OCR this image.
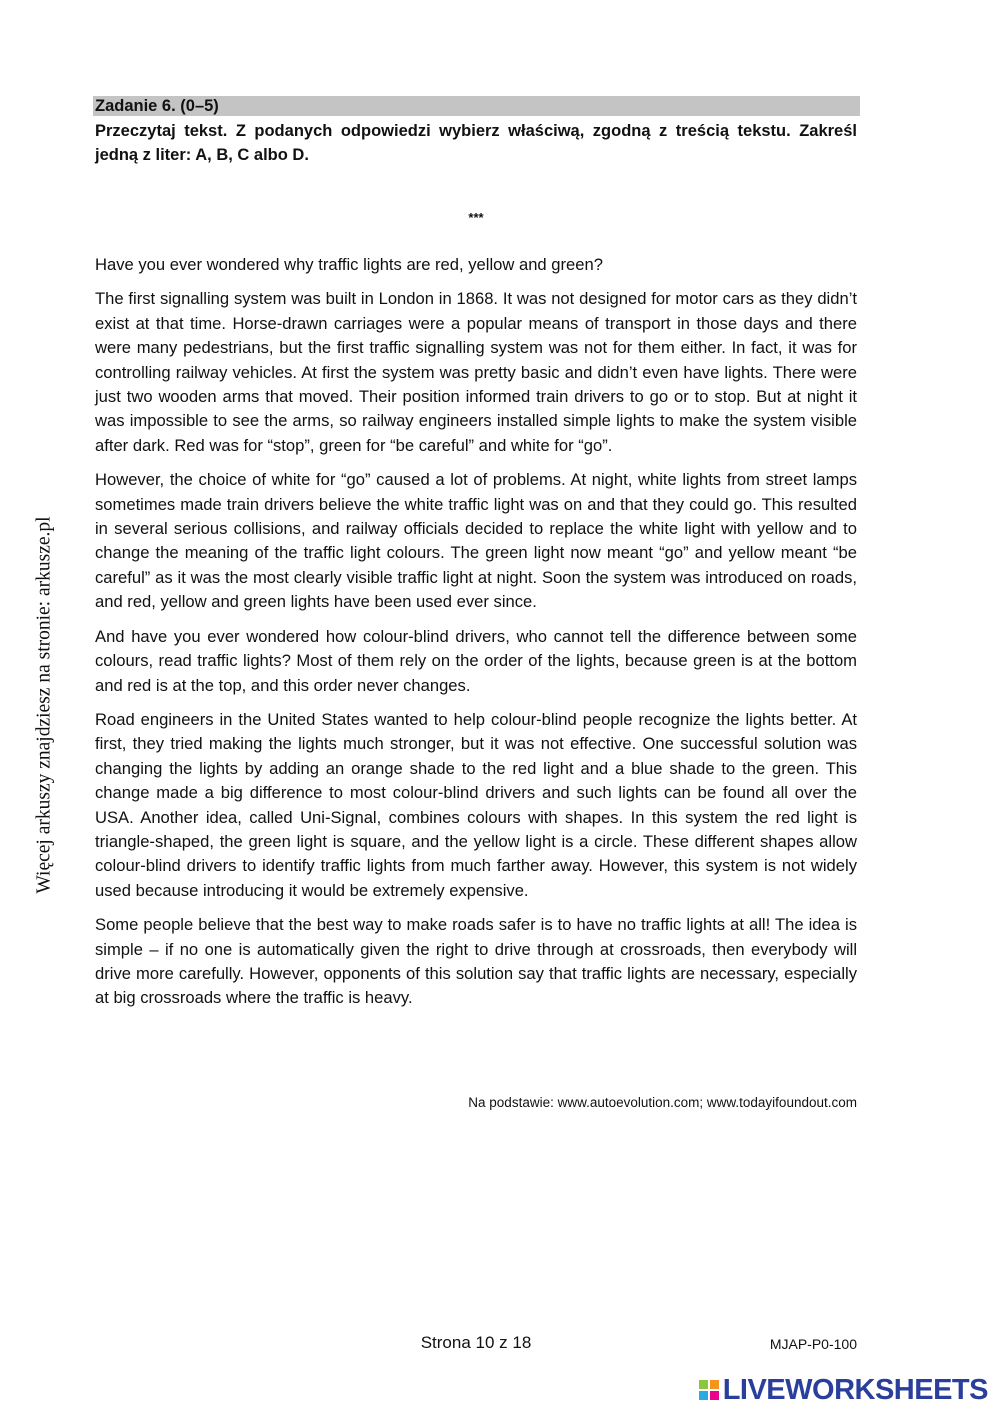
Więcej arkuszy znajdziesz na stronie: arkusze.pl
Zadanie 6. (0–5)

Przeczytaj tekst. Z podanych odpowiedzi wybierz właściwą, zgodną z treścią tekstu. Zakreśl jedną z liter: A, B, C albo D.

***

Have you ever wondered why traffic lights are red, yellow and green?

The first signalling system was built in London in 1868. It was not designed for motor cars as they didn’t exist at that time. Horse-drawn carriages were a popular means of transport in those days and there were many pedestrians, but the first traffic signalling system was not for them either. In fact, it was for controlling railway vehicles. At first the system was pretty basic and didn’t even have lights. There were just two wooden arms that moved. Their position informed train drivers to go or to stop. But at night it was impossible to see the arms, so railway engineers installed simple lights to make the system visible after dark. Red was for “stop”, green for “be careful” and white for “go”.

However, the choice of white for “go” caused a lot of problems. At night, white lights from street lamps sometimes made train drivers believe the white traffic light was on and that they could go. This resulted in several serious collisions, and railway officials decided to replace the white light with yellow and to change the meaning of the traffic light colours. The green light now meant “go” and yellow meant “be careful” as it was the most clearly visible traffic light at night. Soon the system was introduced on roads, and red, yellow and green lights have been used ever since.

And have you ever wondered how colour-blind drivers, who cannot tell the difference between some colours, read traffic lights? Most of them rely on the order of the lights, because green is at the bottom and red is at the top, and this order never changes.

Road engineers in the United States wanted to help colour-blind people recognize the lights better. At first, they tried making the lights much stronger, but it was not effective. One successful solution was changing the lights by adding an orange shade to the red light and a blue shade to the green. This change made a big difference to most colour-blind drivers and such lights can be found all over the USA. Another idea, called Uni-Signal, combines colours with shapes. In this system the red light is triangle-shaped, the green light is square, and the yellow light is a circle. These different shapes allow colour-blind drivers to identify traffic lights from much farther away. However, this system is not widely used because introducing it would be extremely expensive.

Some people believe that the best way to make roads safer is to have no traffic lights at all! The idea is simple – if no one is automatically given the right to drive through at crossroads, then everybody will drive more carefully. However, opponents of this solution say that traffic lights are necessary, especially at big crossroads where the traffic is heavy.

Na podstawie: www.autoevolution.com; www.todayifoundout.com
Strona 10 z 18	MJAP-P0-100
LIVEWORKSHEETS
